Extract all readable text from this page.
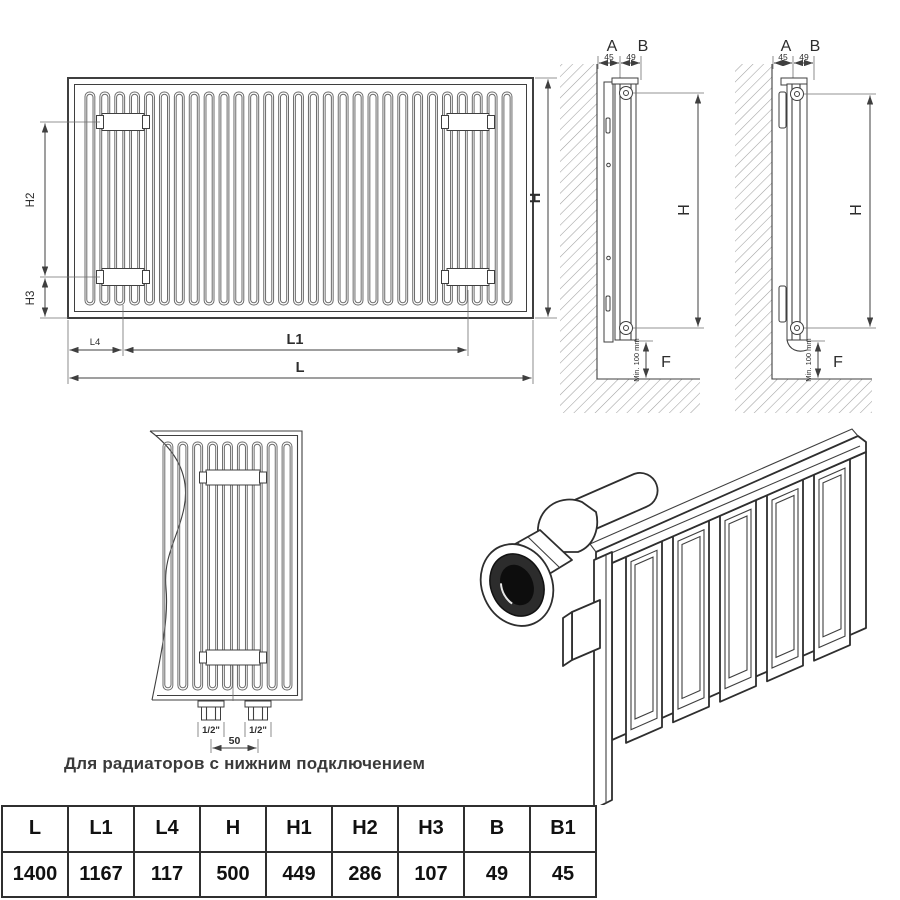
H2
H3
L4	L1
L
H
A B
45 49
H
Min. 100 mm F
A B
45 49
H
Min. 100 mm F
1/2"	1/2"
50
Для радиаторов с нижним подключением
L	L1	L4	H	H1	H2	H3	B	B1
1400	1167	117	500	449	286	107	49	45
